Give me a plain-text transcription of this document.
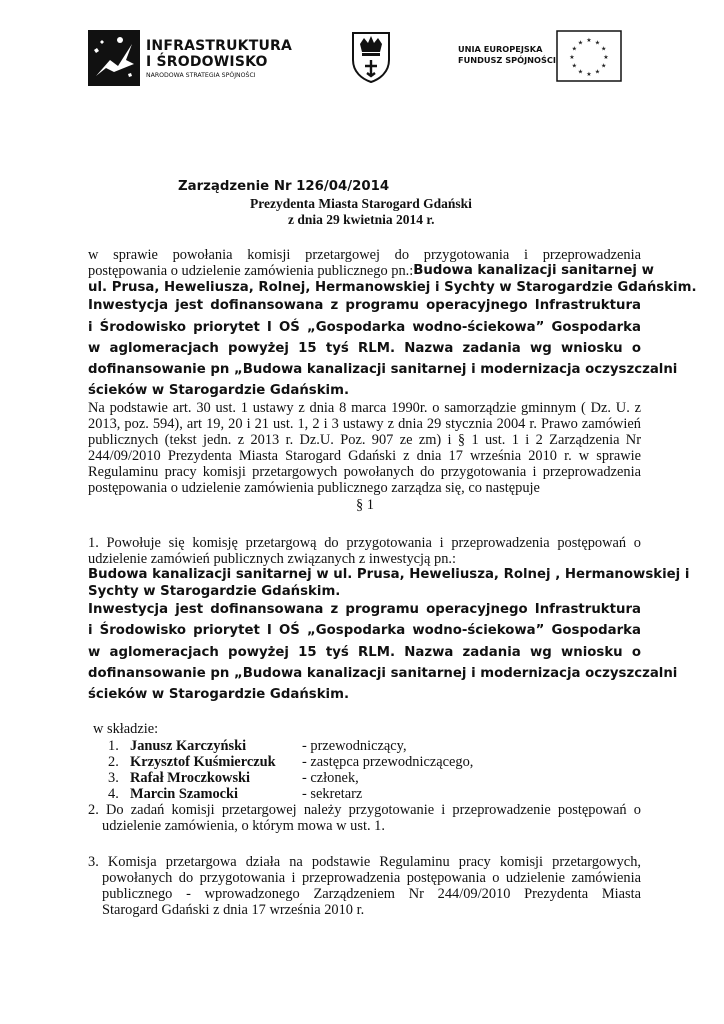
INFRASTRUKTURA
I ŚRODOWISKO
NARODOWA STRATEGIA SPÓJNOŚCI
UNIA EUROPEJSKA
FUNDUSZ SPÓJNOŚCI
★ ★
★
★
★
★
★
★
★
★
★
★
Zarządzenie Nr 126/04/2014
Prezydenta Miasta Starogard Gdański
z dnia 29 kwietnia 2014 r.
w sprawie powołania komisji przetargowej do przygotowania i przeprowadzenia
postępowania o udzielenie zamówienia publicznego pn.: Budowa kanalizacji sanitarnej w
ul. Prusa, Heweliusza, Rolnej, Hermanowskiej i Sychty w Starogardzie Gdańskim.
Inwestycja jest dofinansowana z programu operacyjnego Infrastruktura
i Środowisko priorytet I OŚ „Gospodarka wodno-ściekowa” Gospodarka
w aglomeracjach powyżej 15 tyś RLM. Nazwa zadania wg wniosku o
dofinansowanie pn „Budowa kanalizacji sanitarnej i modernizacja oczyszczalni
ścieków w Starogardzie Gdańskim.
Na podstawie art. 30 ust. 1 ustawy z dnia 8 marca 1990r. o samorządzie gminnym ( Dz. U. z
2013, poz. 594), art 19, 20 i 21 ust. 1, 2 i 3 ustawy z dnia 29 stycznia 2004 r. Prawo zamówień
publicznych (tekst jedn. z 2013 r. Dz.U. Poz. 907 ze zm) i § 1 ust. 1 i 2 Zarządzenia Nr
244/09/2010 Prezydenta Miasta Starogard Gdański z dnia 17 września 2010 r. w sprawie
Regulaminu pracy komisji przetargowych powołanych do przygotowania i przeprowadzenia
postępowania o udzielenie zamówienia publicznego zarządza się, co następuje
§ 1
1. Powołuje się komisję przetargową do przygotowania i przeprowadzenia postępowań o
udzielenie zamówień publicznych związanych z inwestycją pn.:
Budowa kanalizacji sanitarnej w ul. Prusa, Heweliusza, Rolnej , Hermanowskiej i
Sychty w Starogardzie Gdańskim.
Inwestycja jest dofinansowana z programu operacyjnego Infrastruktura
i Środowisko priorytet I OŚ „Gospodarka wodno-ściekowa” Gospodarka
w aglomeracjach powyżej 15 tyś RLM. Nazwa zadania wg wniosku o
dofinansowanie pn „Budowa kanalizacji sanitarnej i modernizacja oczyszczalni
ścieków w Starogardzie Gdańskim.
w składzie:
1. Janusz Karczyński	- przewodniczący,
2. Krzysztof Kuśmierczuk - zastępca przewodniczącego,
3. Rafał Mroczkowski	- członek,
4. Marcin Szamocki	- sekretarz
2. Do zadań komisji przetargowej należy przygotowanie i przeprowadzenie postępowań o
udzielenie zamówienia, o którym mowa w ust. 1.
3. Komisja przetargowa działa na podstawie Regulaminu pracy komisji przetargowych,
powołanych do przygotowania i przeprowadzenia postępowania o udzielenie zamówienia
publicznego - wprowadzonego Zarządzeniem Nr 244/09/2010 Prezydenta Miasta
Starogard Gdański z dnia 17 września 2010 r.
